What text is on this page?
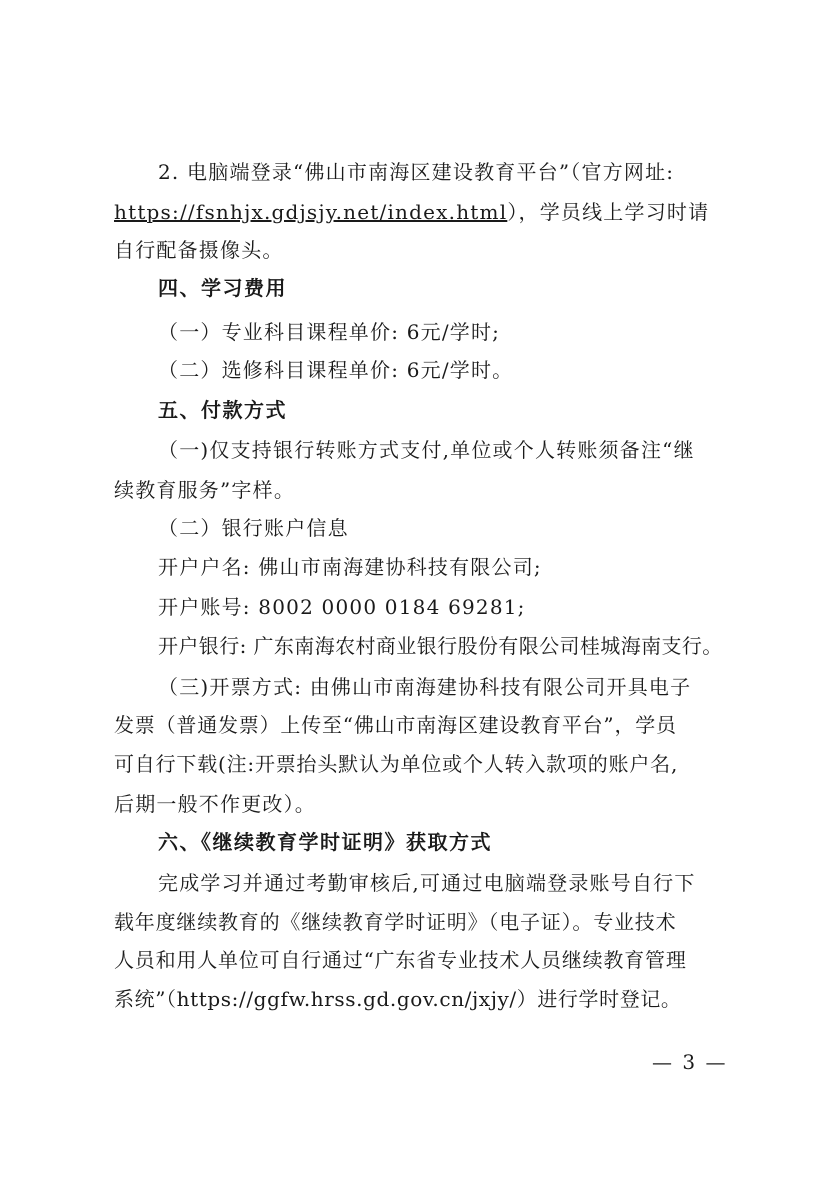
2. 电脑端登录“佛山市南海区建设教育平台”（官方网址:
https://fsnhjx.gdjsjy.net/index.html），学员线上学习时请
自行配备摄像头。
四、学习费用
（一）专业科目课程单价: 6元/学时;
（二）选修科目课程单价: 6元/学时。
五、付款方式
（一)仅支持银行转账方式支付,单位或个人转账须备注“继
续教育服务”字样。
（二）银行账户信息
开户户名: 佛山市南海建协科技有限公司;
开户账号: 8002 0000 0184 69281;
开户银行: 广东南海农村商业银行股份有限公司桂城海南支行。
（三)开票方式: 由佛山市南海建协科技有限公司开具电子
发票（普通发票）上传至“佛山市南海区建设教育平台”，学员
可自行下载(注:开票抬头默认为单位或个人转入款项的账户名,
后期一般不作更改）。
六、《继续教育学时证明》获取方式
完成学习并通过考勤审核后,可通过电脑端登录账号自行下
载年度继续教育的《继续教育学时证明》（电子证）。专业技术
人员和用人单位可自行通过“广东省专业技术人员继续教育管理
系统”（https://ggfw.hrss.gd.gov.cn/jxjy/）进行学时登记。
— 3 —
